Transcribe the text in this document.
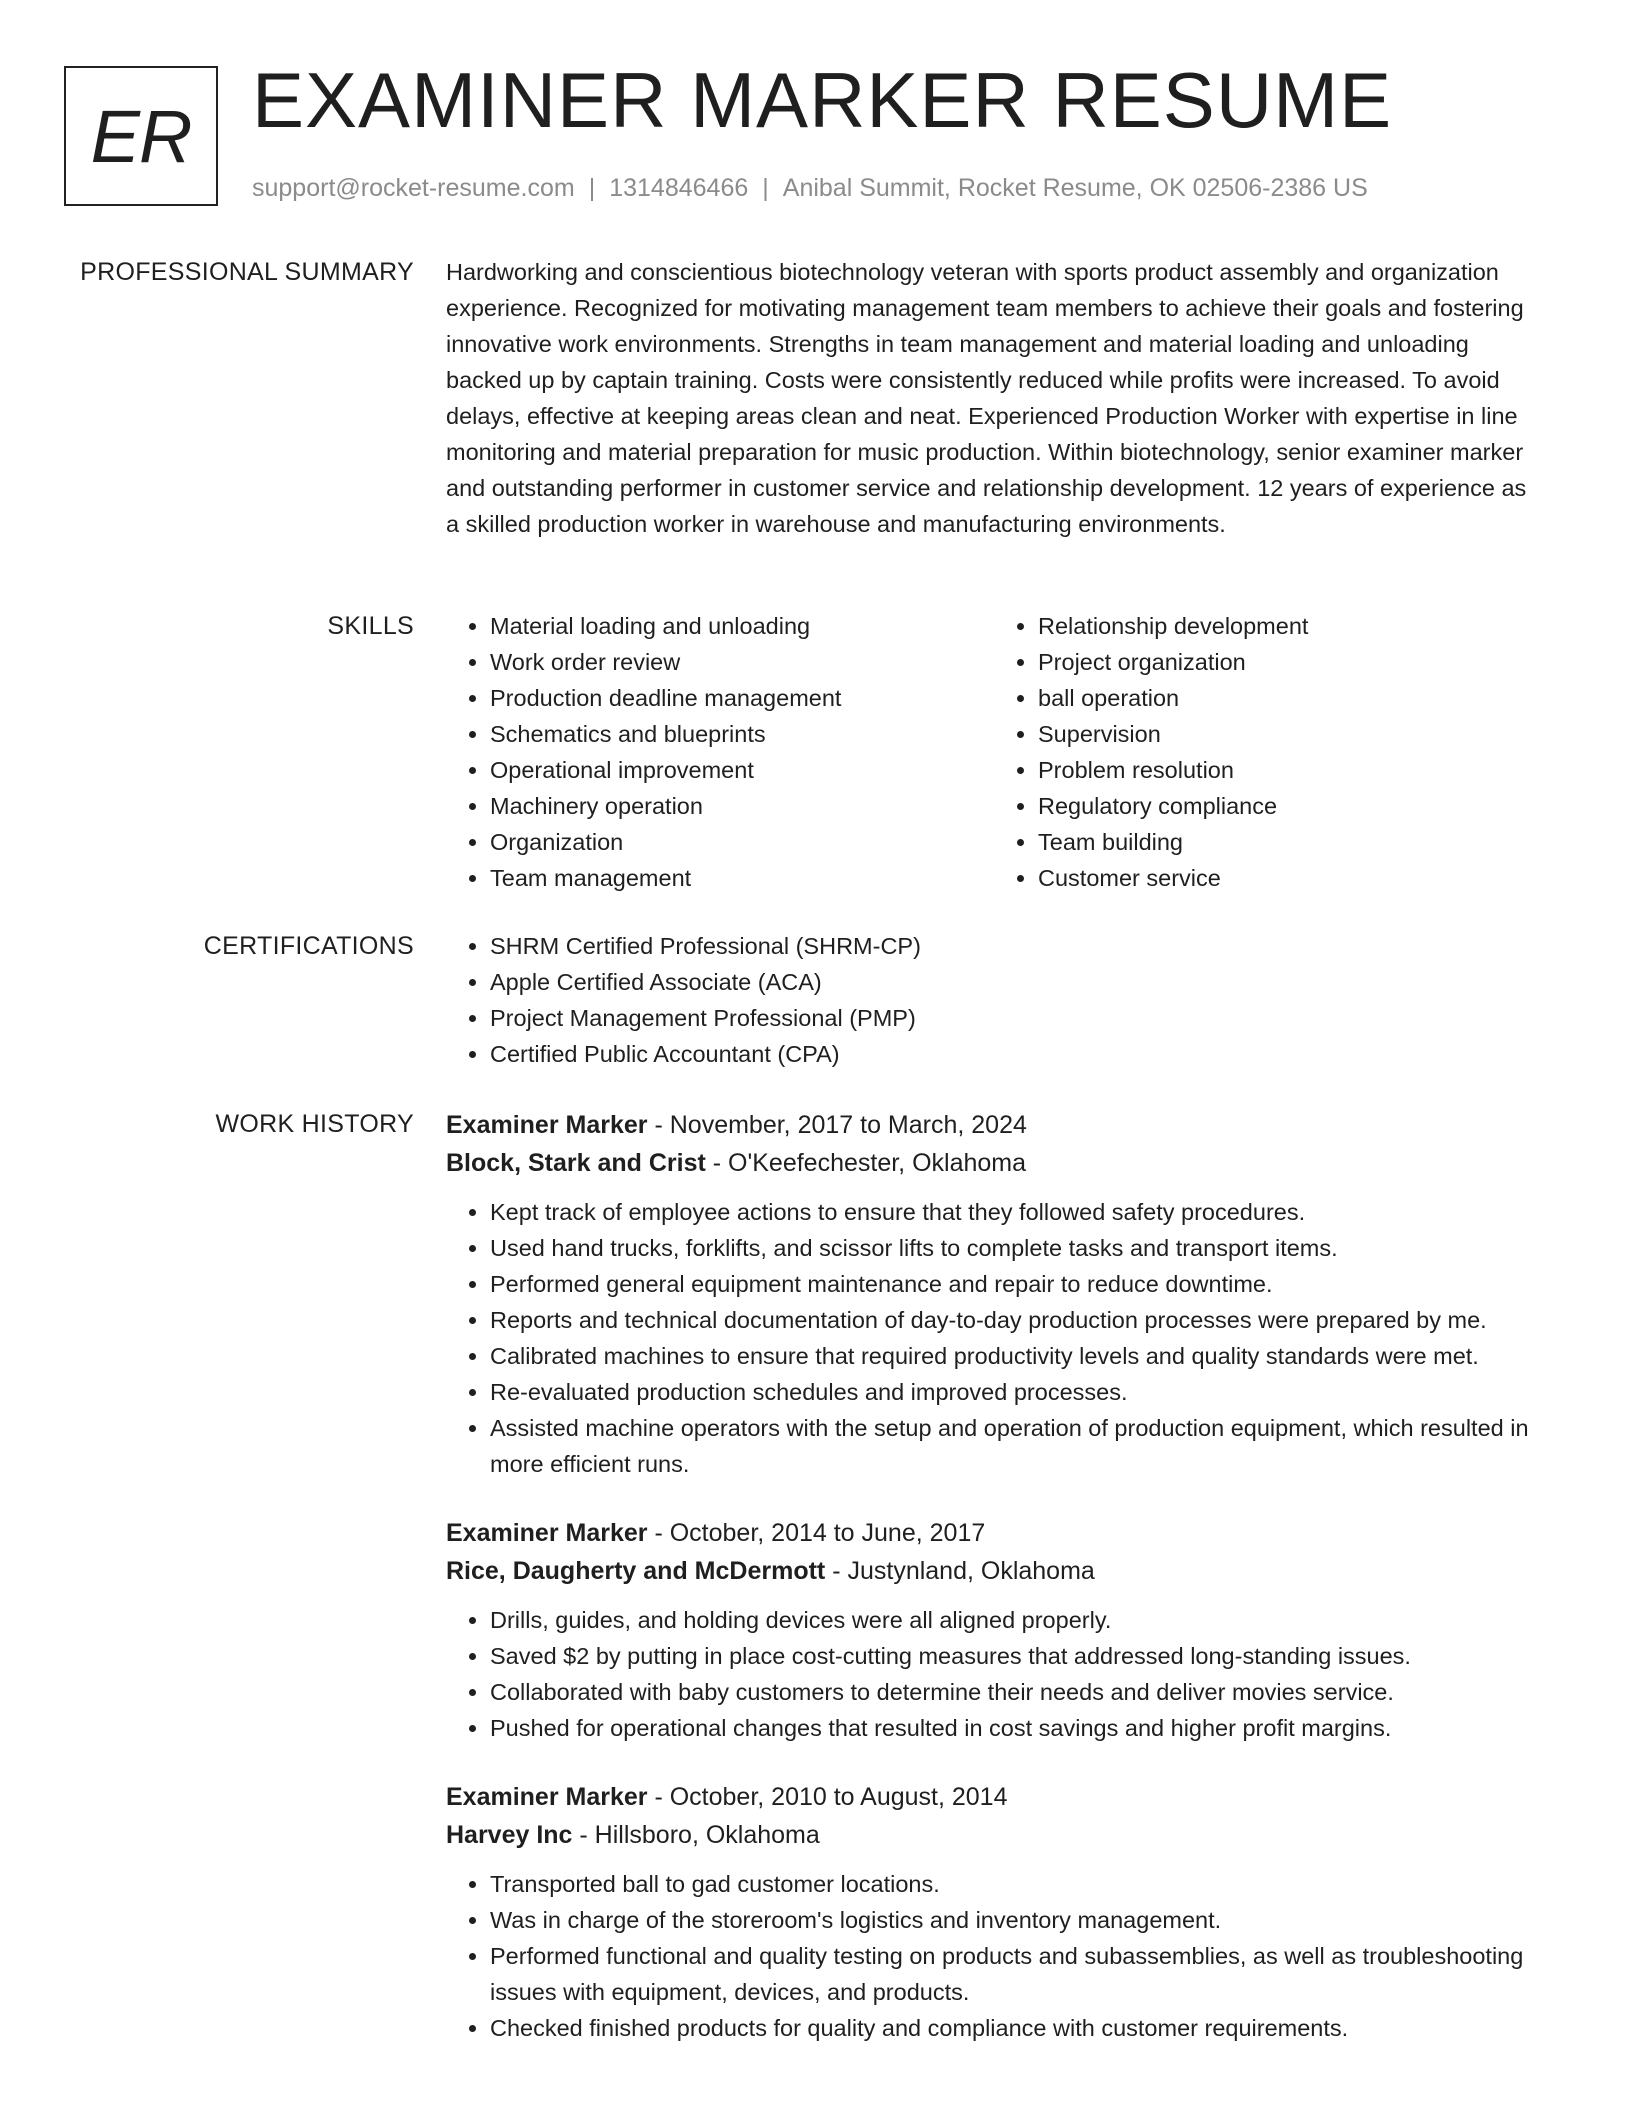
ER EXAMINER MARKER RESUME
support@rocket-resume.com | 1314846466 | Anibal Summit, Rocket Resume, OK 02506-2386 US
PROFESSIONAL SUMMARY Hardworking and conscientious biotechnology veteran with sports product assembly and organization experience. Recognized for motivating management team members to achieve their goals and fostering innovative work environments. Strengths in team management and material loading and unloading backed up by captain training. Costs were consistently reduced while profits were increased. To avoid delays, effective at keeping areas clean and neat. Experienced Production Worker with expertise in line monitoring and material preparation for music production. Within biotechnology, senior examiner marker and outstanding performer in customer service and relationship development. 12 years of experience as a skilled production worker in warehouse and manufacturing environments.

SKILLS	• Material loading and unloading
• Work order review
• Production deadline management
• Schematics and blueprints
• Operational improvement
• Machinery operation
• Organization
• Team management
• Relationship development
• Project organization
• ball operation
• Supervision
• Problem resolution
• Regulatory compliance
• Team building
• Customer service
CERTIFICATIONS	• SHRM Certified Professional (SHRM-CP)
• Apple Certified Associate (ACA)
• Project Management Professional (PMP)
• Certified Public Accountant (CPA)
WORK HISTORY Examiner Marker - November, 2017 to March, 2024
Block, Stark and Crist - O'Keefechester, Oklahoma
• Kept track of employee actions to ensure that they followed safety procedures.
• Used hand trucks, forklifts, and scissor lifts to complete tasks and transport items.
• Performed general equipment maintenance and repair to reduce downtime.
• Reports and technical documentation of day-to-day production processes were prepared by me.
• Calibrated machines to ensure that required productivity levels and quality standards were met.
• Re-evaluated production schedules and improved processes.
• Assisted machine operators with the setup and operation of production equipment, which resulted in more efficient runs.
Examiner Marker - October, 2014 to June, 2017
Rice, Daugherty and McDermott - Justynland, Oklahoma
• Drills, guides, and holding devices were all aligned properly.
• Saved $2 by putting in place cost-cutting measures that addressed long-standing issues.
• Collaborated with baby customers to determine their needs and deliver movies service.
• Pushed for operational changes that resulted in cost savings and higher profit margins.
Examiner Marker - October, 2010 to August, 2014
Harvey Inc - Hillsboro, Oklahoma
• Transported ball to gad customer locations.
• Was in charge of the storeroom's logistics and inventory management.
• Performed functional and quality testing on products and subassemblies, as well as troubleshooting issues with equipment, devices, and products.
• Checked finished products for quality and compliance with customer requirements.
